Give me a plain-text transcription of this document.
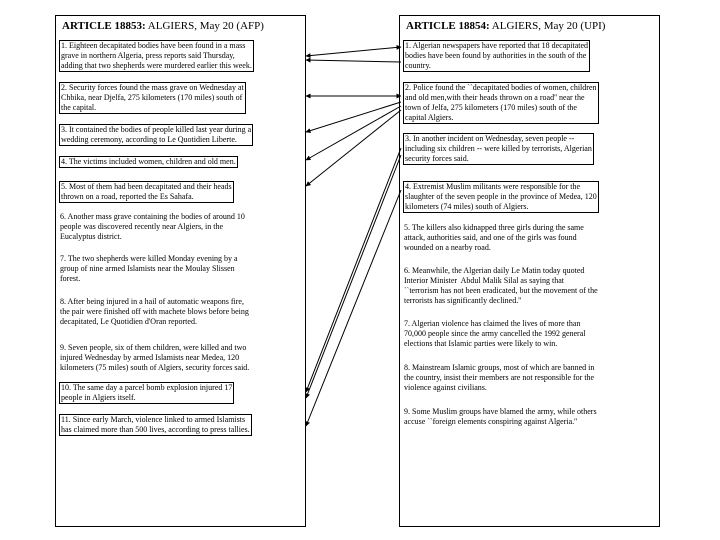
ARTICLE 18853: ALGIERS, May 20 (AFP)
1. Eighteen decapitated bodies have been found in a mass
grave in northern Algeria, press reports said Thursday,
adding that two shepherds were murdered earlier this week.
2. Security forces found the mass grave on Wednesday at
Chbika, near Djelfa, 275 kilometers (170 miles) south of
the capital.
3. It contained the bodies of people killed last year during a
wedding ceremony, according to Le Quotidien Liberte.
4. The victims included women, children and old men.
5. Most of them had been decapitated and their heads
thrown on a road, reported the Es Sahafa.
6. Another mass grave containing the bodies of around 10
people was discovered recently near Algiers, in the
Eucalyptus district.
7. The two shepherds were killed Monday evening by a
group of nine armed Islamists near the Moulay Slissen
forest.
8. After being injured in a hail of automatic weapons fire,
the pair were finished off with machete blows before being
decapitated, Le Quotidien d'Oran reported.
9. Seven people, six of them children, were killed and two
injured Wednesday by armed Islamists near Medea, 120
kilometers (75 miles) south of Algiers, security forces said.
10. The same day a parcel bomb explosion injured 17
people in Algiers itself.
11. Since early March, violence linked to armed Islamists
has claimed more than 500 lives, according to press tallies.
ARTICLE 18854: ALGIERS, May 20 (UPI)
1. Algerian newspapers have reported that 18 decapitated
bodies have been found by authorities in the south of the
country.
2. Police found the ``decapitated bodies of women, children
and old men,with their heads thrown on a road'' near the
town of Jelfa, 275 kilometers (170 miles) south of the
capital Algiers.
3. In another incident on Wednesday, seven people --
including six children -- were killed by terrorists, Algerian
security forces said.
4. Extremist Muslim militants were responsible for the
slaughter of the seven people in the province of Medea, 120
kilometers (74 miles) south of Algiers.
5. The killers also kidnapped three girls during the same
attack, authorities said, and one of the girls was found
wounded on a nearby road.
6. Meanwhile, the Algerian daily Le Matin today quoted
Interior Minister  Abdul Malik Silal as saying that
``terrorism has not been eradicated, but the movement of the
terrorists has significantly declined.''
7. Algerian violence has claimed the lives of more than
70,000 people since the army cancelled the 1992 general
elections that Islamic parties were likely to win.
8. Mainstream Islamic groups, most of which are banned in
the country, insist their members are not responsible for the
violence against civilians.
9. Some Muslim groups have blamed the army, while others
accuse ``foreign elements conspiring against Algeria.''
